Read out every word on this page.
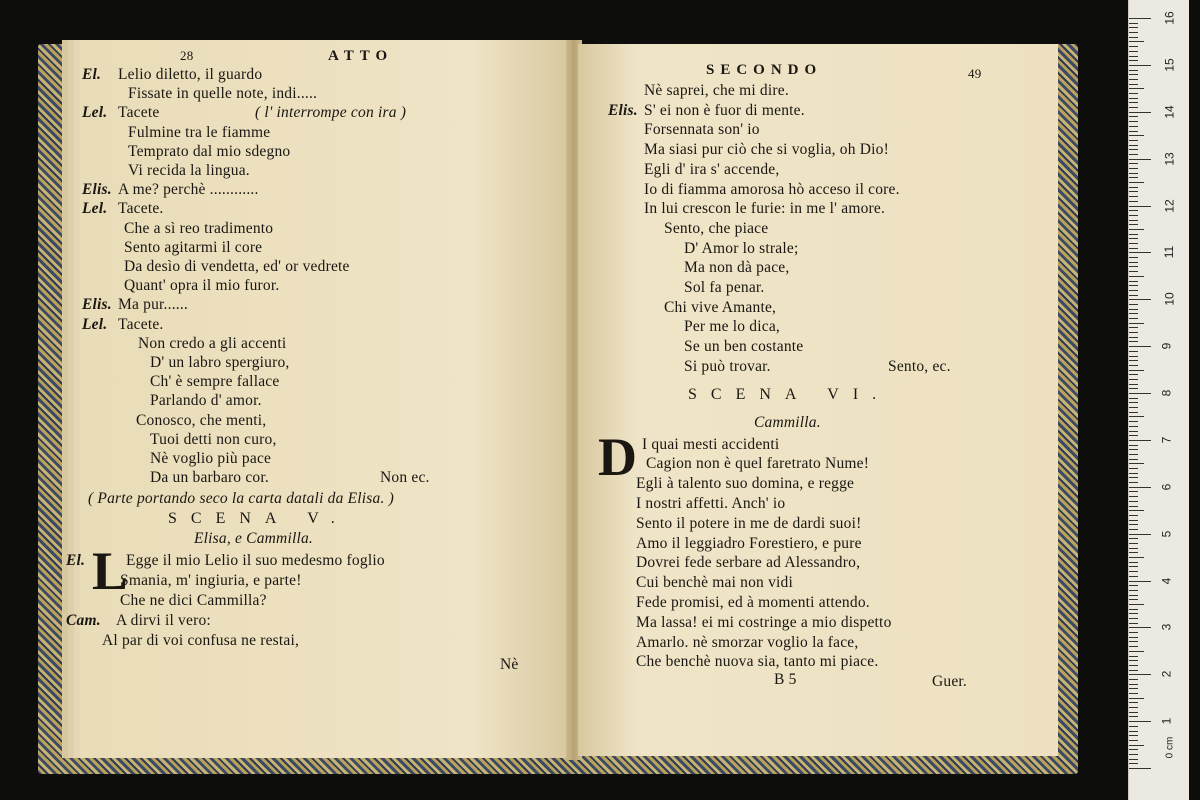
28	ATTO
El. Lelio diletto, il guardo
Fissate in quelle note, indi.....
Lel. Tacete	( l' interrompe con ira )
Fulmine tra le fiamme
Temprato dal mio sdegno
Vi recida la lingua.
Elis. A me? perchè ............
Lel. Tacete.
Che a sì reo tradimento
Sento agitarmi il core
Da desìo di vendetta, ed' or vedrete
Quant' opra il mio furor.
Elis. Ma pur......
Lel. Tacete.
Non credo a gli accenti
D' un labro spergiuro,
Ch' è sempre fallace
Parlando d' amor.
Conosco, che menti,
Tuoi detti non curo,
Nè voglio più pace
Da un barbaro cor.	Non ec.
( Parte portando seco la carta datali da Elisa. )
SCENA V.
Elisa, e Cammilla.
El. L
Egge il mio Lelio il suo medesmo foglio
Smania, m' ingiuria, e parte!
Che ne dici Cammilla?
Cam. A dirvi il vero:
Al par di voi confusa ne restai,
Nè
SECONDO	49
Nè saprei, che mi dire.
Elis. S' ei non è fuor di mente.
Forsennata son' io
Ma siasi pur ciò che si voglia, oh Dio!
Egli d' ira s' accende,
Io di fiamma amorosa hò acceso il core.
In lui crescon le furie: in me l' amore.
Sento, che piace
D' Amor lo strale;
Ma non dà pace,
Sol fa penar.
Chi vive Amante,
Per me lo dica,
Se un ben costante
Si può trovar.	Sento, ec.
SCENA VI.
Cammilla.
D I quai mesti accidenti
Cagion non è quel faretrato Nume!
Egli à talento suo domina, e regge
I nostri affetti. Anch' io
Sento il potere in me de dardi suoi!
Amo il leggiadro Forestiero, e pure
Dovrei fede serbare ad Alessandro,
Cui benchè mai non vidi
Fede promisi, ed à momenti attendo.
Ma lassa! ei mi costringe a mio dispetto
Amarlo. nè smorzar voglio la face,
Che benchè nuova sia, tanto mi piace.
B 5	Guer.
16
15
14
13
12
11
10
9
8
7
6
5
4
3
2
1
0 cm
